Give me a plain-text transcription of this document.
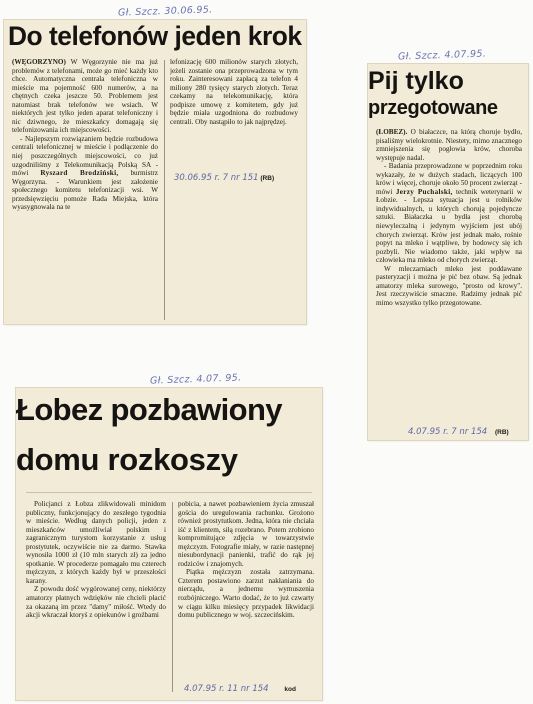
Gł. Szcz. 30.06.95.
Do telefonów jeden krok

(WĘGORZYNO) W Węgorzynie nie ma już problemów z telefonami, może go mieć każdy kto chce. Automatyczna centrala telefoniczna w mieście ma pojemność 600 numerów, a na chętnych czeka jeszcze 50. Problemem jest natomiast brak telefonów we wsiach. W niektórych jest tylko jeden aparat telefoniczny i nic dziwnego, że mieszkańcy domagają się telefonizowania ich miejscowości.

- Najlepszym rozwiązaniem będzie rozbudowa centrali telefonicznej w mieście i podłączenie do niej poszczególnych miejscowości, co już uzgodniliśmy z Telekomunikacją Polską SA - mówi Ryszard Brodziński, burmistrz Węgorzyna. - Warunkiem jest założenie społecznego komitetu telefonizacji wsi. W przedsięwzięciu pomoże Rada Miejska, która wyasygnowała na te

lefonizację 600 milionów starych złotych, jeżeli zostanie ona przeprowadzona w tym roku. Zainteresowani zapłacą za telefon 4 miliony 280 tysięcy starych złotych. Teraz czekamy na telekomunikację, która podpisze umowę z komitetem, gdy już będzie miała uzgodniona do rozbudowy centrali. Oby nastąpiło to jak najprędzej.

30.06.95 r. 7 nr 151 (RB)
Gł. Szcz. 4.07.95.
Pij tylko
przegotowane

(ŁOBEZ). O białaczce, na którą choruje bydło, pisaliśmy wielokrotnie. Niestety, mimo znacznego zmniejszenia się pogłowia krów, choroba występuje nadal.

- Badania przeprowadzone w poprzednim roku wykazały, że w dużych stadach, liczących 100 krów i więcej, choruje około 50 procent zwierząt - mówi Jerzy Puchalski, technik weterynarii w Łobzie. - Lepsza sytuacja jest u rolników indywidualnych, u których chorują pojedyncze sztuki. Białaczka u bydła jest chorobą niewyleczalną i jedynym wyjściem jest ubój chorych zwierząt. Krów jest jednak mało, rośnie popyt na mleko i wątpliwe, by hodowcy się ich pozbyli. Nie wiadomo także, jaki wpływ na człowieka ma mleko od chorych zwierząt.

W mleczarniach mleko jest poddawane pasteryzacji i można je pić bez obaw. Są jednak amatorzy mleka surowego, "prosto od krowy". Jest rzeczywiście smaczne. Radzimy jednak pić mimo wszystko tylko przegotowane.

4.07.95 r. 7 nr 154 (RB)
Gł. Szcz. 4.07. 95.
Łobez pozbawiony
domu rozkoszy

Policjanci z Łobza zlikwidowali minidom publiczny, funkcjonujący do zeszłego tygodnia w mieście. Według danych policji, jeden z mieszkańców umożliwiał polskim i zagranicznym turystom korzystanie z usług prostytutek, oczywiście nie za darmo. Stawka wynosiła 1000 zł (10 mln starych zł) za jedno spotkanie. W procederze pomagało mu czterech mężczyzn, z których każdy był w przeszłości karany.

Z powodu dość wygórowanej ceny, niektórzy amatorzy płatnych wdzięków nie chcieli płacić za okazaną im przez "damy" miłość. Wtedy do akcji wkraczał ktoryś z opiekunów i groźbami

pobicia, a nawet pozbawieniem życia zmuszał gościa do uregulowania rachunku. Grożono również prostytutkom. Jedna, która nie chciała iść z klientem, siłą rozebrano. Potem zrobiono kompromitujące zdjęcia w towarzystwie mężczyzn. Fotografie miały, w razie następnej niesubordynacji panienki, trafić do rąk jej rodziców i znajomych.

Piątka mężczyzn została zatrzymana. Czterem postawiono zarzut nakłaniania do nierządu, a jednemu wymuszenia rozbójniczego. Warto dodać, że to już czwarty w ciągu kilku miesięcy przypadek likwidacji domu publicznego w woj. szczecińskim.

4.07.95 r. 11 nr 154 kod
